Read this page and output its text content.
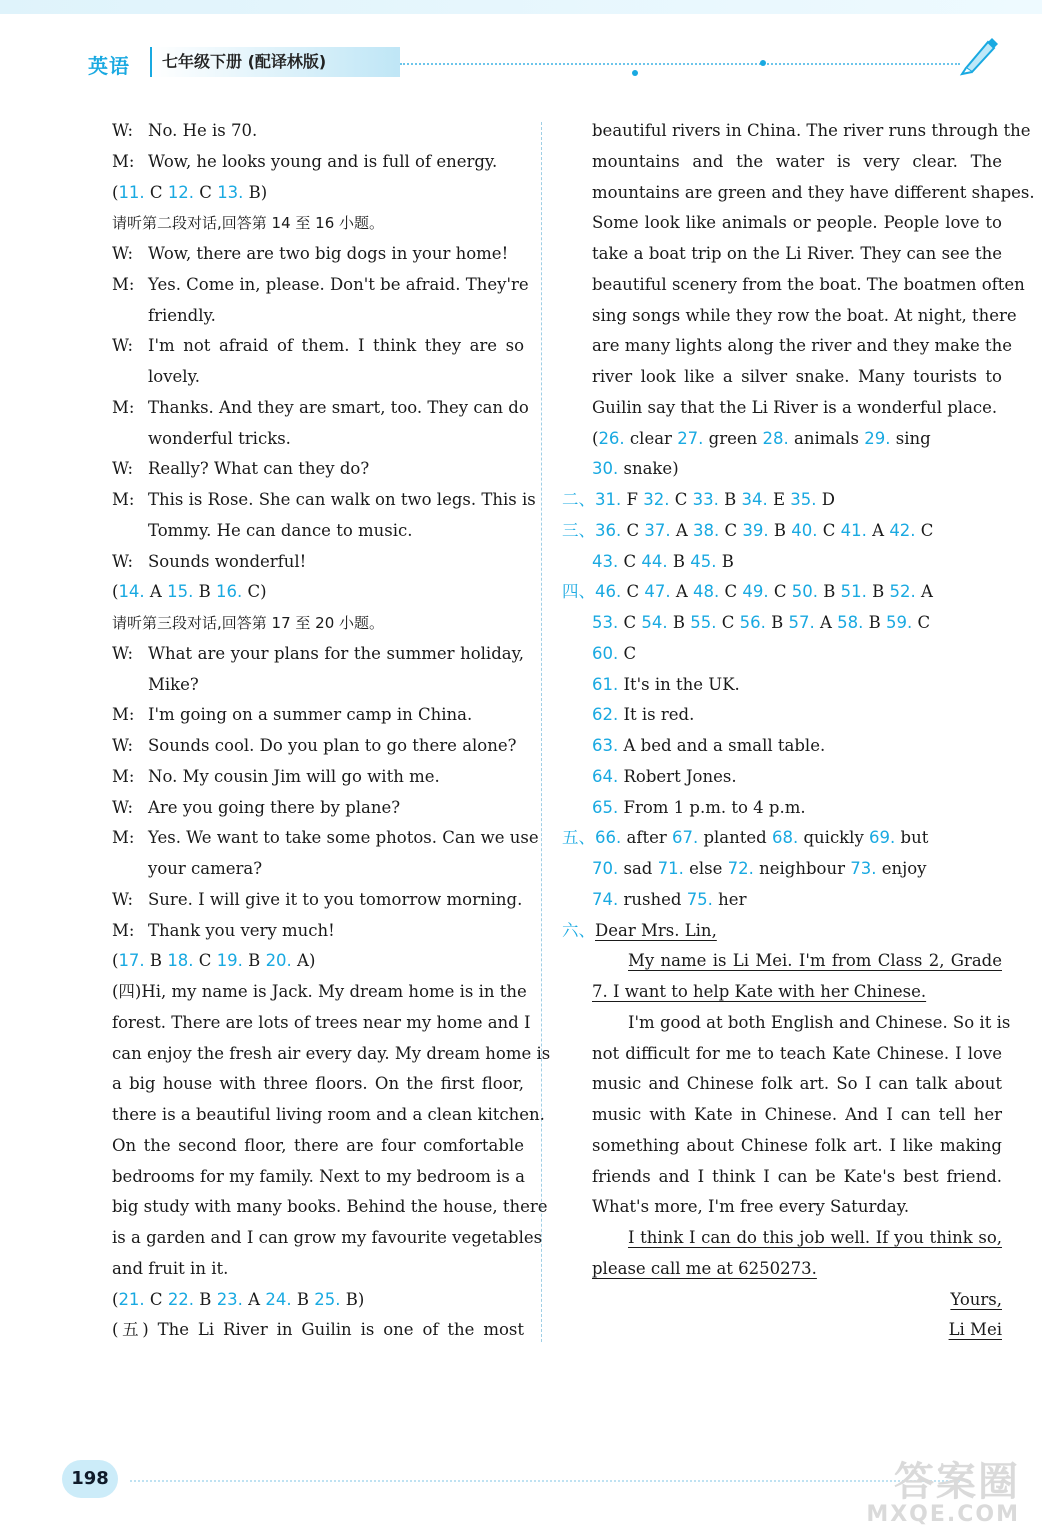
英语	七年级下册 (配译林版)
W: No. He is 70.
M: Wow, he looks young and is full of energy.
(11. C 12. C 13. B)
请听第二段对话,回答第 14 至 16 小题。
W: Wow, there are two big dogs in your home!
M: Yes. Come in, please. Don't be afraid. They're
friendly.
W: I'm not afraid of them. I think they are so
lovely.
M: Thanks. And they are smart, too. They can do
wonderful tricks.
W: Really? What can they do?
M: This is Rose. She can walk on two legs. This is
Tommy. He can dance to music.
W: Sounds wonderful!
(14. A 15. B 16. C)
请听第三段对话,回答第 17 至 20 小题。
W: What are your plans for the summer holiday,
Mike?
M: I'm going on a summer camp in China.
W: Sounds cool. Do you plan to go there alone?
M: No. My cousin Jim will go with me.
W: Are you going there by plane?
M: Yes. We want to take some photos. Can we use
your camera?
W: Sure. I will give it to you tomorrow morning.
M: Thank you very much!
(17. B 18. C 19. B 20. A)
(四)Hi, my name is Jack. My dream home is in the
forest. There are lots of trees near my home and I
can enjoy the fresh air every day. My dream home is
a big house with three floors. On the first floor,
there is a beautiful living room and a clean kitchen.
On the second floor, there are four comfortable
bedrooms for my family. Next to my bedroom is a
big study with many books. Behind the house, there
is a garden and I can grow my favourite vegetables
and fruit in it.
(21. C 22. B 23. A 24. B 25. B)
(五) The Li River in Guilin is one of the most
beautiful rivers in China. The river runs through the
mountains and the water is very clear. The
mountains are green and they have different shapes.
Some look like animals or people. People love to
take a boat trip on the Li River. They can see the
beautiful scenery from the boat. The boatmen often
sing songs while they row the boat. At night, there
are many lights along the river and they make the
river look like a silver snake. Many tourists to
Guilin say that the Li River is a wonderful place.
(26. clear 27. green 28. animals 29. sing
30. snake)
二、31. F 32. C 33. B 34. E 35. D
三、36. C 37. A 38. C 39. B 40. C 41. A 42. C
43. C 44. B 45. B
四、46. C 47. A 48. C 49. C 50. B 51. B 52. A
53. C 54. B 55. C 56. B 57. A 58. B 59. C
60. C
61. It's in the UK.
62. It is red.
63. A bed and a small table.
64. Robert Jones.
65. From 1 p.m. to 4 p.m.
五、66. after 67. planted 68. quickly 69. but
70. sad 71. else 72. neighbour 73. enjoy
74. rushed 75. her
六、Dear Mrs. Lin,
My name is Li Mei. I'm from Class 2, Grade
7. I want to help Kate with her Chinese.
I'm good at both English and Chinese. So it is
not difficult for me to teach Kate Chinese. I love
music and Chinese folk art. So I can talk about
music with Kate in Chinese. And I can tell her
something about Chinese folk art. I like making
friends and I think I can be Kate's best friend.
What's more, I'm free every Saturday.
I think I can do this job well. If you think so,
please call me at 6250273.
Yours,
Li Mei
198	答案圈
MXQE.COM
